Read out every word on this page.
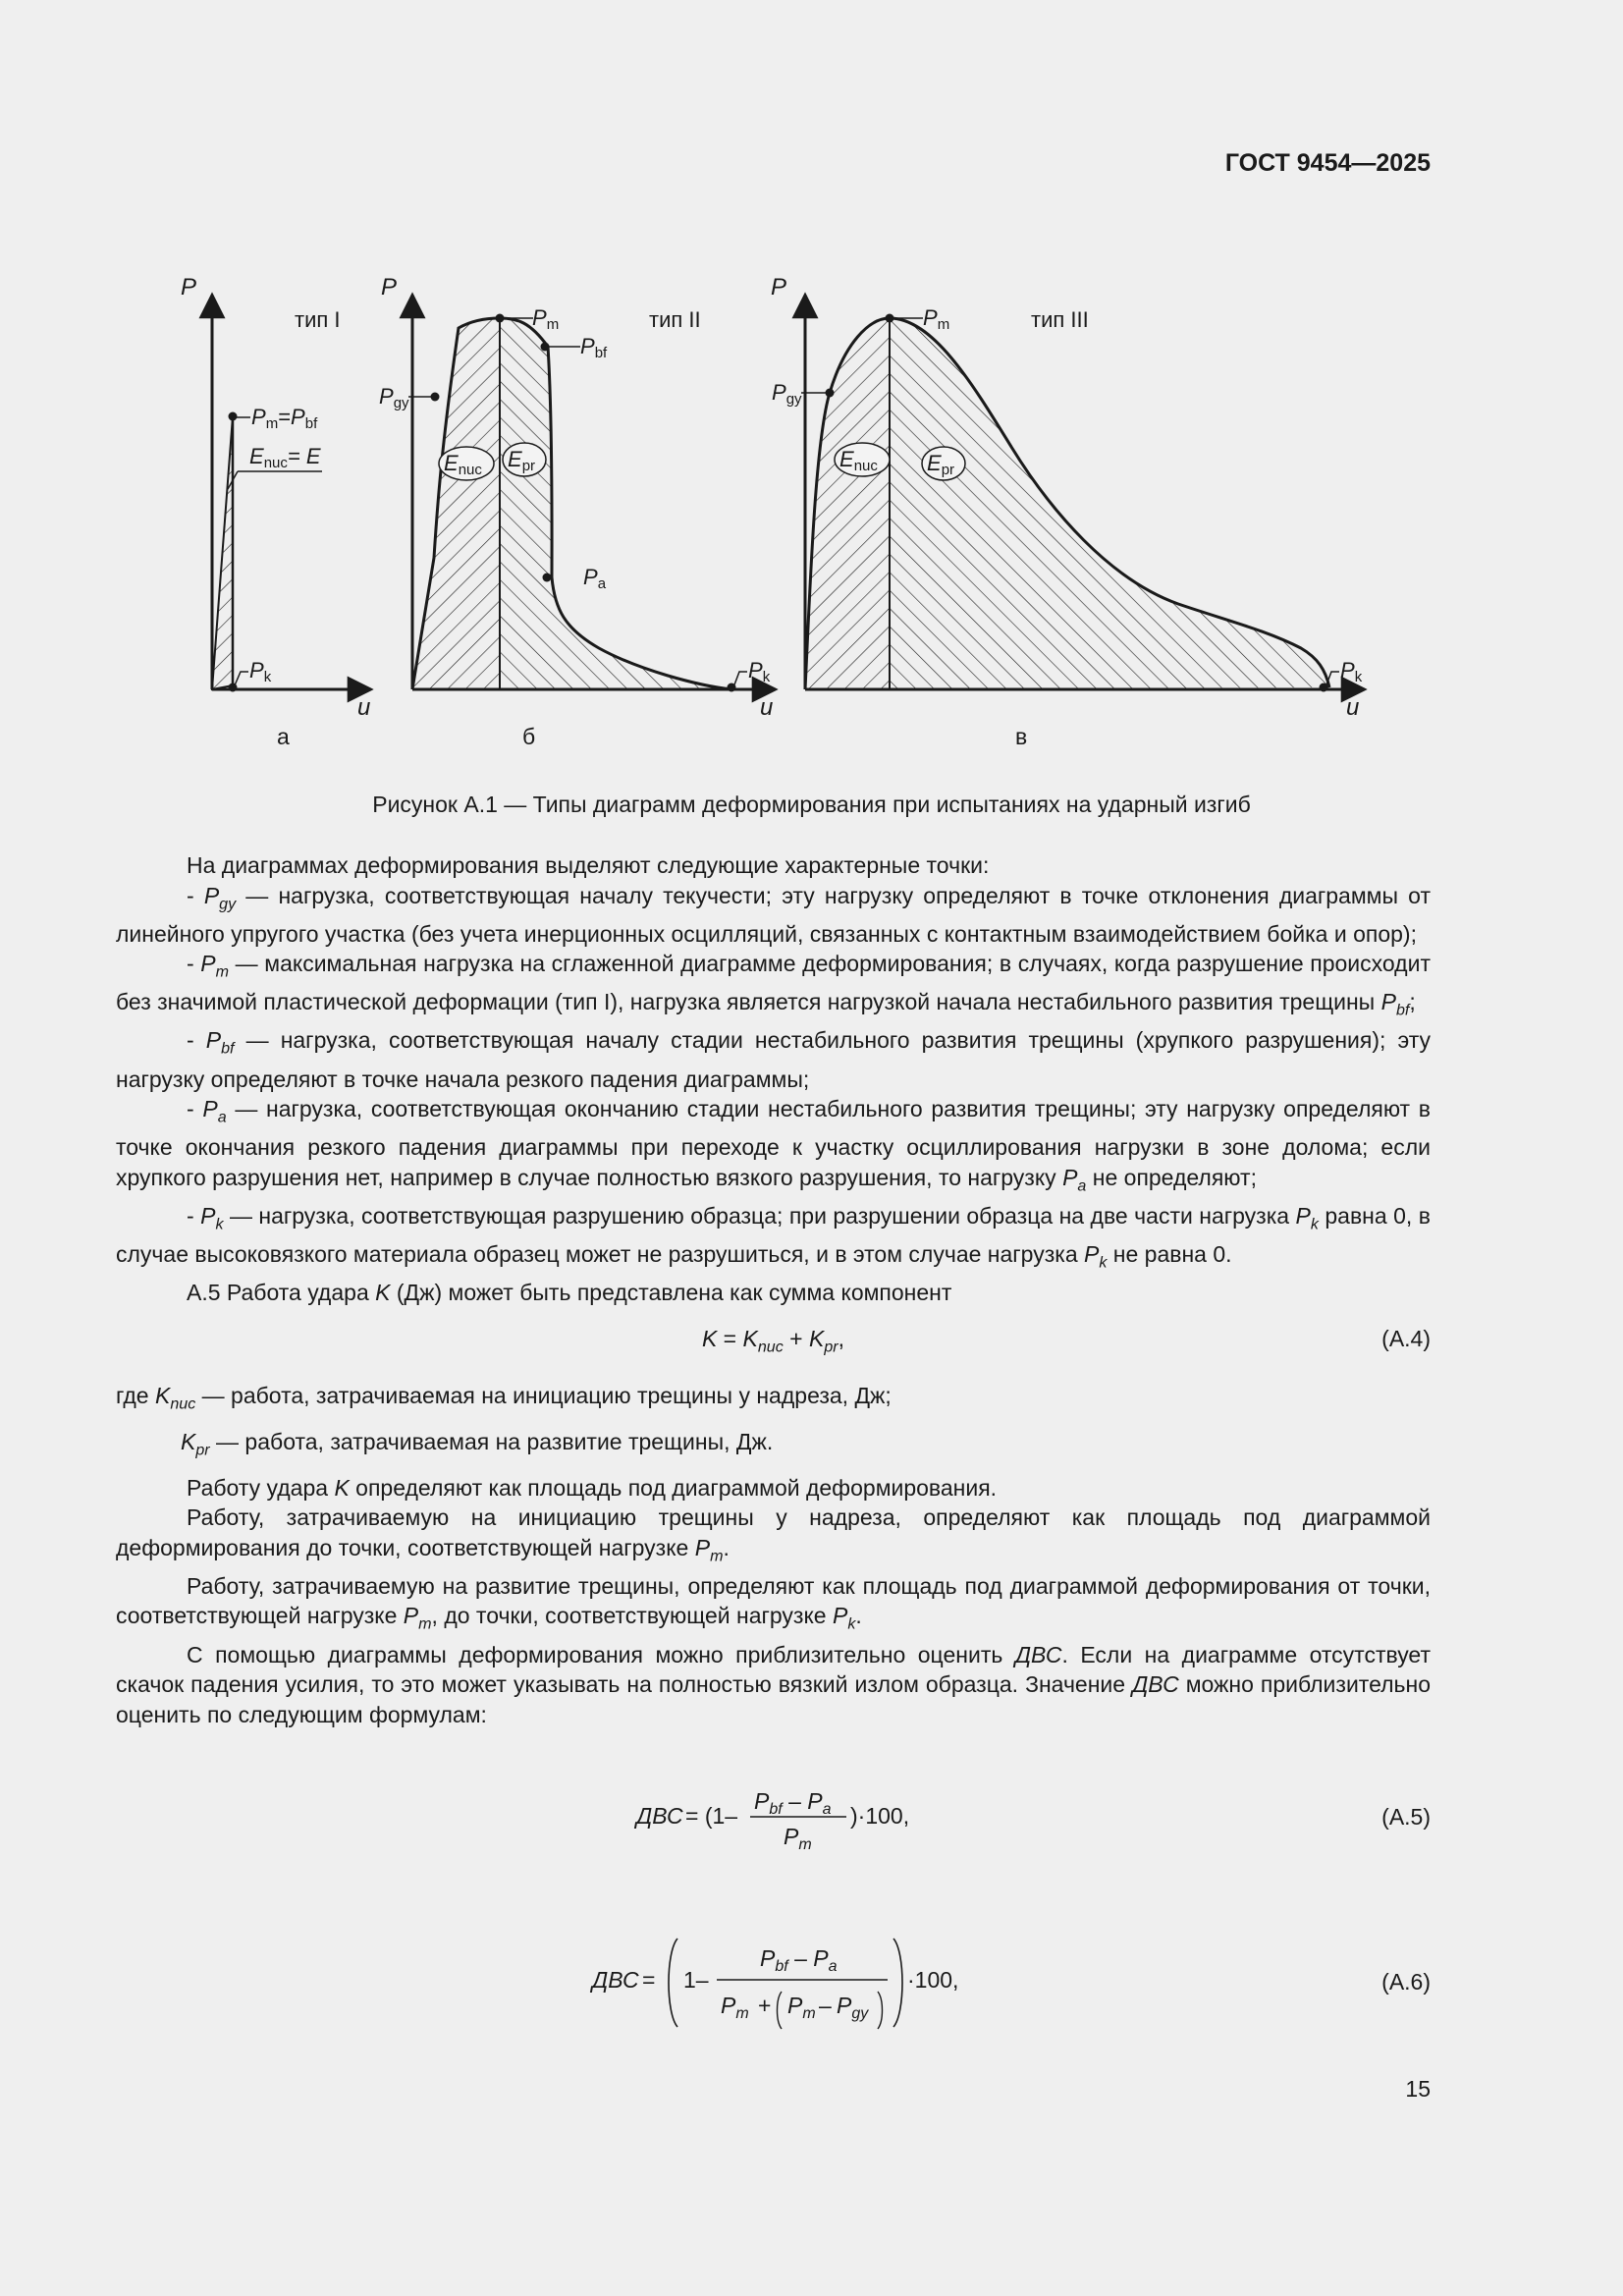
ГОСТ 9454—2025
P
u
тип I
Pm=Pbf
Enuc= E
Pk
а
P
u
тип II
Pm
Pbf
Pgy
Pa
Pk
Enuc Epr
б
P
u
тип III
Pm
Pgy
Pk
Enuc Epr
в
Рисунок А.1 — Типы диаграмм деформирования при испытаниях на ударный изгиб

На диаграммах деформирования выделяют следующие характерные точки:

- $P_{gy}$ — нагрузка, соответствующая началу текучести; эту нагрузку определяют в точке отклонения диаграммы от линейного упругого участка (без учета инерционных осцилляций, связанных с контактным взаимодействием бойка и опор);

- $P_m$ — максимальная нагрузка на сглаженной диаграмме деформирования; в случаях, когда разрушение происходит без значимой пластической деформации (тип I), нагрузка является нагрузкой начала нестабильного развития трещины $P_{bf}$;

- $P_{bf}$ — нагрузка, соответствующая началу стадии нестабильного развития трещины (хрупкого разрушения); эту нагрузку определяют в точке начала резкого падения диаграммы;

- $P_a$ — нагрузка, соответствующая окончанию стадии нестабильного развития трещины; эту нагрузку определяют в точке окончания резкого падения диаграммы при переходе к участку осциллирования нагрузки в зоне долома; если хрупкого разрушения нет, например в случае полностью вязкого разрушения, то нагрузку $P_a$ не определяют;

- $P_k$ — нагрузка, соответствующая разрушению образца; при разрушении образца на две части нагрузка $P_k$ равна 0, в случае высоковязкого материала образец может не разрушиться, и в этом случае нагрузка $P_k$ не равна 0.

А.5 Работа удара K (Дж) может быть представлена как сумма компонент

$K = K_{nuc} + K_{pr}$,	(А.4)

где $K_{nuc}$ — работа, затрачиваемая на инициацию трещины у надреза, Дж;

$K_{pr}$ — работа, затрачиваемая на развитие трещины, Дж.

Работу удара K определяют как площадь под диаграммой деформирования.

Работу, затрачиваемую на инициацию трещины у надреза, определяют как площадь под диаграммой деформирования до точки, соответствующей нагрузке $P_m$.

Работу, затрачиваемую на развитие трещины, определяют как площадь под диаграммой деформирования от точки, соответствующей нагрузке $P_m$, до точки, соответствующей нагрузке $P_k$.

С помощью диаграммы деформирования можно приблизительно оценить ДВС. Если на диаграмме отсутствует скачок падения усилия, то это может указывать на полностью вязкий излом образца. Значение ДВС можно приблизительно оценить по следующим формулам:

ДВС = (1–
$P_{bf} - P_a$
$P_m$
)·100,	(А.5)
ДВС = 1–
$P_{bf} - P_a$
$P_m + P_m - P_{gy}$
·100,	(А.6)
15
